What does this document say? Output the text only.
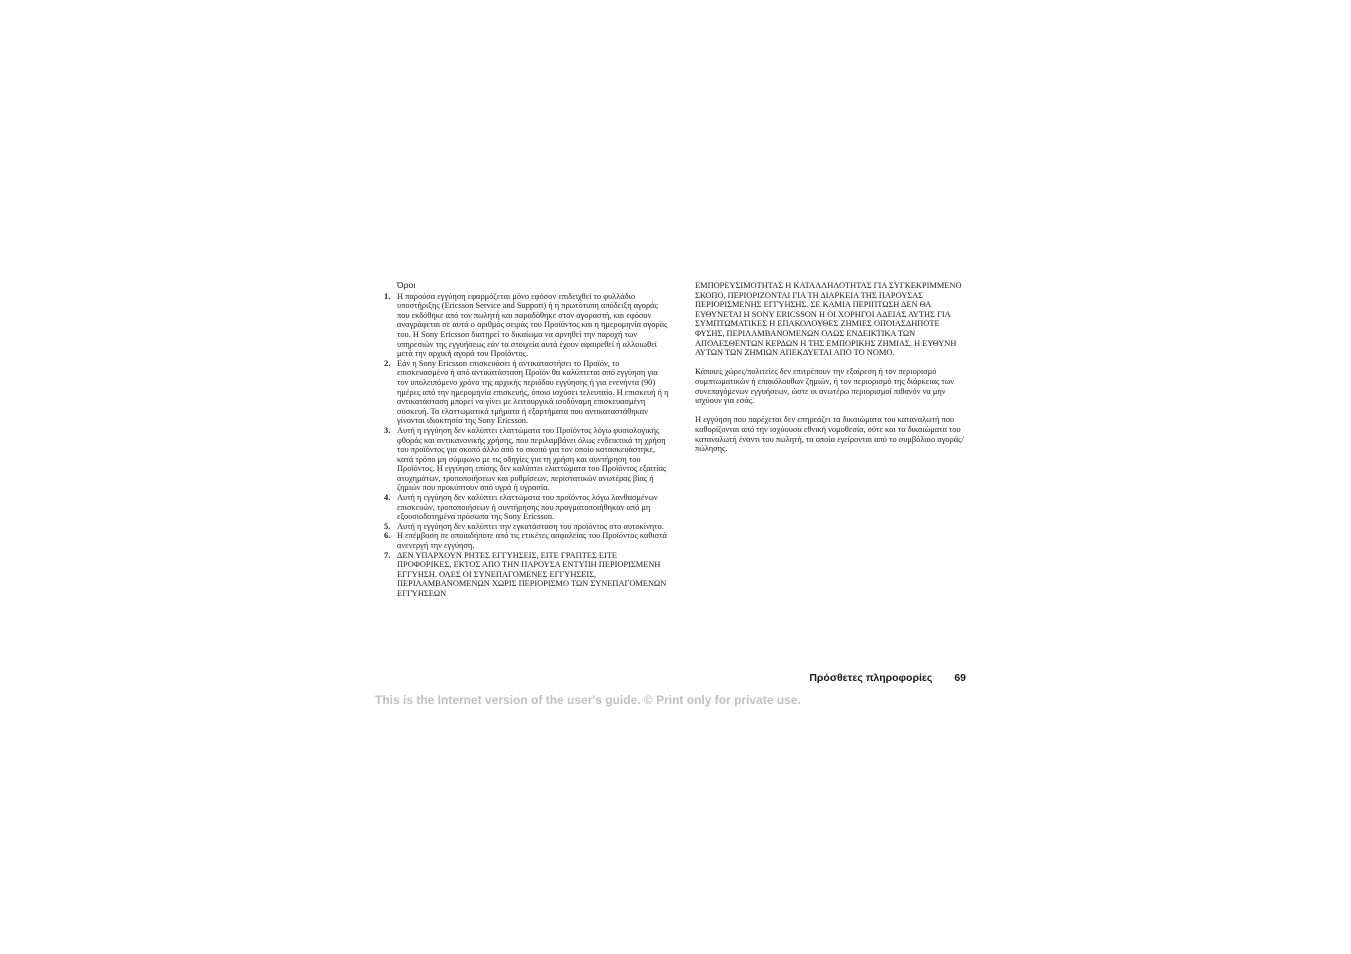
Όροι
1. Η παρούσα εγγύηση εφαρμόζεται μόνο εφόσον επιδειχθεί το φυλλάδιο υποστήριξης (Ericsson Service and Support) ή η πρωτότυπη απόδειξη αγοράς που εκδόθηκε από τον πωλητή και παραδόθηκε στον αγοραστή, και εφόσον αναγράφεται σε αυτά ο αριθμός σειράς του Προϊόντος και η ημερομηνία αγοράς του. Η Sony Ericsson διατηρεί το δικαίωμα να αρνηθεί την παροχή των υπηρεσιών της εγγυήσεως εάν τα στοιχεία αυτά έχουν αφαιρεθεί ή αλλοιωθεί μετά την αρχική αγορά του Προϊόντος.
2. Εάν η Sony Ericsson επισκευάσει ή αντικαταστήσει το Προϊόν, το επισκευασμένο ή από αντικατάσταση Προϊόν θα καλύπτεται από εγγύηση για τον υπολειπόμενο χρόνο της αρχικής περιόδου εγγύησης ή για ενενήντα (90) ημέρες από την ημερομηνία επισκευής, όποιο ισχύσει τελευταίο. Η επισκευή ή η αντικατάσταση μπορεί να γίνει με λειτουργικά ισοδύναμη επισκευασμένη συσκευή. Τα ελαττωματικά τμήματα ή εξαρτήματα που αντικαταστάθηκαν γίνονται ιδιοκτησία της Sony Ericsson.
3. Αυτή η εγγύηση δεν καλύπτει ελαττώματα του Προϊόντος λόγω φυσιολογικής φθοράς και αντικανονικής χρήσης, που περιλαμβάνει όλως ενδεικτικά τη χρήση του προϊόντος για σκοπό άλλο από το σκοπό για τον οποίο κατασκευάστηκε, κατά τρόπο μη σύμφωνο με τις οδηγίες για τη χρήση και συντήρηση του Προϊόντος. Η εγγύηση επίσης δεν καλύπτει ελαττώματα του Προϊόντος εξαιτίας ατυχημάτων, τροποποιήσεων και ρυθμίσεων, περιστατικών ανωτέρας βίας ή ζημιών που προκύπτουν από υγρά ή υγρασία.
4. Αυτή η εγγύηση δεν καλύπτει ελαττώματα του προϊόντος λόγω λανθασμένων επισκευών, τροποποιήσεων ή συντήρησης που πραγματοποιήθηκαν από μη εξουσιοδοτημένα πρόσωπα της Sony Ericsson.
5. Αυτή η εγγύηση δεν καλύπτει την εγκατάσταση του προϊόντος στο αυτοκίνητο.
6. Η επέμβαση σε οποιαδήποτε από τις ετικέτες ασφαλείας του Προϊόντος καθιστά ανενεργή την εγγύηση.
7. ΔΕΝ ΥΠΑΡΧΟΥΝ ΡΗΤΕΣ ΕΓΓΥΗΣΕΙΣ, ΕΙΤΕ ΓΡΑΠΤΕΣ ΕΙΤΕ ΠΡΟΦΟΡΙΚΕΣ, ΕΚΤΟΣ ΑΠΟ ΤΗΝ ΠΑΡΟΥΣΑ ΕΝΤΥΠΗ ΠΕΡΙΟΡΙΣΜΕΝΗ ΕΓΓΥΗΣΗ. ΟΛΕΣ ΟΙ ΣΥΝΕΠΑΓΟΜΕΝΕΣ ΕΓΓΥΗΣΕΙΣ, ΠΕΡΙΛΑΜΒΑΝΟΜΕΝΩΝ ΧΩΡΙΣ ΠΕΡΙΟΡΙΣΜΟ ΤΩΝ ΣΥΝΕΠΑΓΟΜΕΝΩΝ ΕΓΓΥΗΣΕΩΝ

ΕΜΠΟΡΕΥΣΙΜΟΤΗΤΑΣ Η ΚΑΤΑΛΛΗΛΟΤΗΤΑΣ ΓΙΑ ΣΥΓΚΕΚΡΙΜΜΕΝΟ ΣΚΟΠΟ, ΠΕΡΙΟΡΙΖΟΝΤΑΙ ΓΙΑ ΤΗ ΔΙΑΡΚΕΙΑ ΤΗΣ ΠΑΡΟΥΣΑΣ ΠΕΡΙΟΡΙΣΜΕΝΗΣ ΕΓΓΥΗΣΗΣ. ΣΕ ΚΑΜΙΑ ΠΕΡΙΠΤΩΣΗ ΔΕΝ ΘΑ ΕΥΘΥΝΕΤΑΙ Η SONY ERICSSON Η ΟΙ ΧΟΡΗΓΟΙ ΑΔΕΙΑΣ ΑΥΤΗΣ ΓΙΑ ΣΥΜΠΤΩΜΑΤΙΚΕΣ Η ΕΠΑΚΟΛΟΥΘΕΣ ΖΗΜΙΕΣ ΟΠΟΙΑΣΔΗΠΟΤΕ ΦΥΣΗΣ, ΠΕΡΙΛΑΜΒΑΝΟΜΕΝΩΝ ΟΛΩΣ ΕΝΔΕΙΚΤΙΚΑ ΤΩΝ ΑΠΟΛΕΣΘΕΝΤΩΝ ΚΕΡΔΩΝ Η ΤΗΣ ΕΜΠΟΡΙΚΗΣ ΖΗΜΙΑΣ. Η ΕΥΘΥΝΗ ΑΥΤΩΝ ΤΩΝ ΖΗΜΙΩΝ ΑΠΕΚΔΥΕΤΑΙ ΑΠΟ ΤΟ ΝΟΜΟ.

Κάποιες χώρες/πολιτείες δεν επιτρέπουν την εξαίρεση ή τον περιορισμό συμπτωματικών ή επακόλουθων ζημιών, ή τον περιορισμό της διάρκειας των συνεπαγόμενων εγγυήσεων, ώστε οι ανωτέρω περιορισμοί πιθανόν να μην ισχύουν για εσάς.

Η εγγύηση που παρέχεται δεν επηρεάζει τα δικαιώματα του καταναλωτή που καθορίζονται από την ισχύουσα εθνική νομοθεσία, ούτε και τα δικαιώματα του καταναλωτή έναντι του πωλητή, τα οποία εγείρονται από το συμβόλαιο αγοράς/πώλησης.

Πρόσθετες πληροφορίες 69
This is the Internet version of the user's guide. © Print only for private use.
